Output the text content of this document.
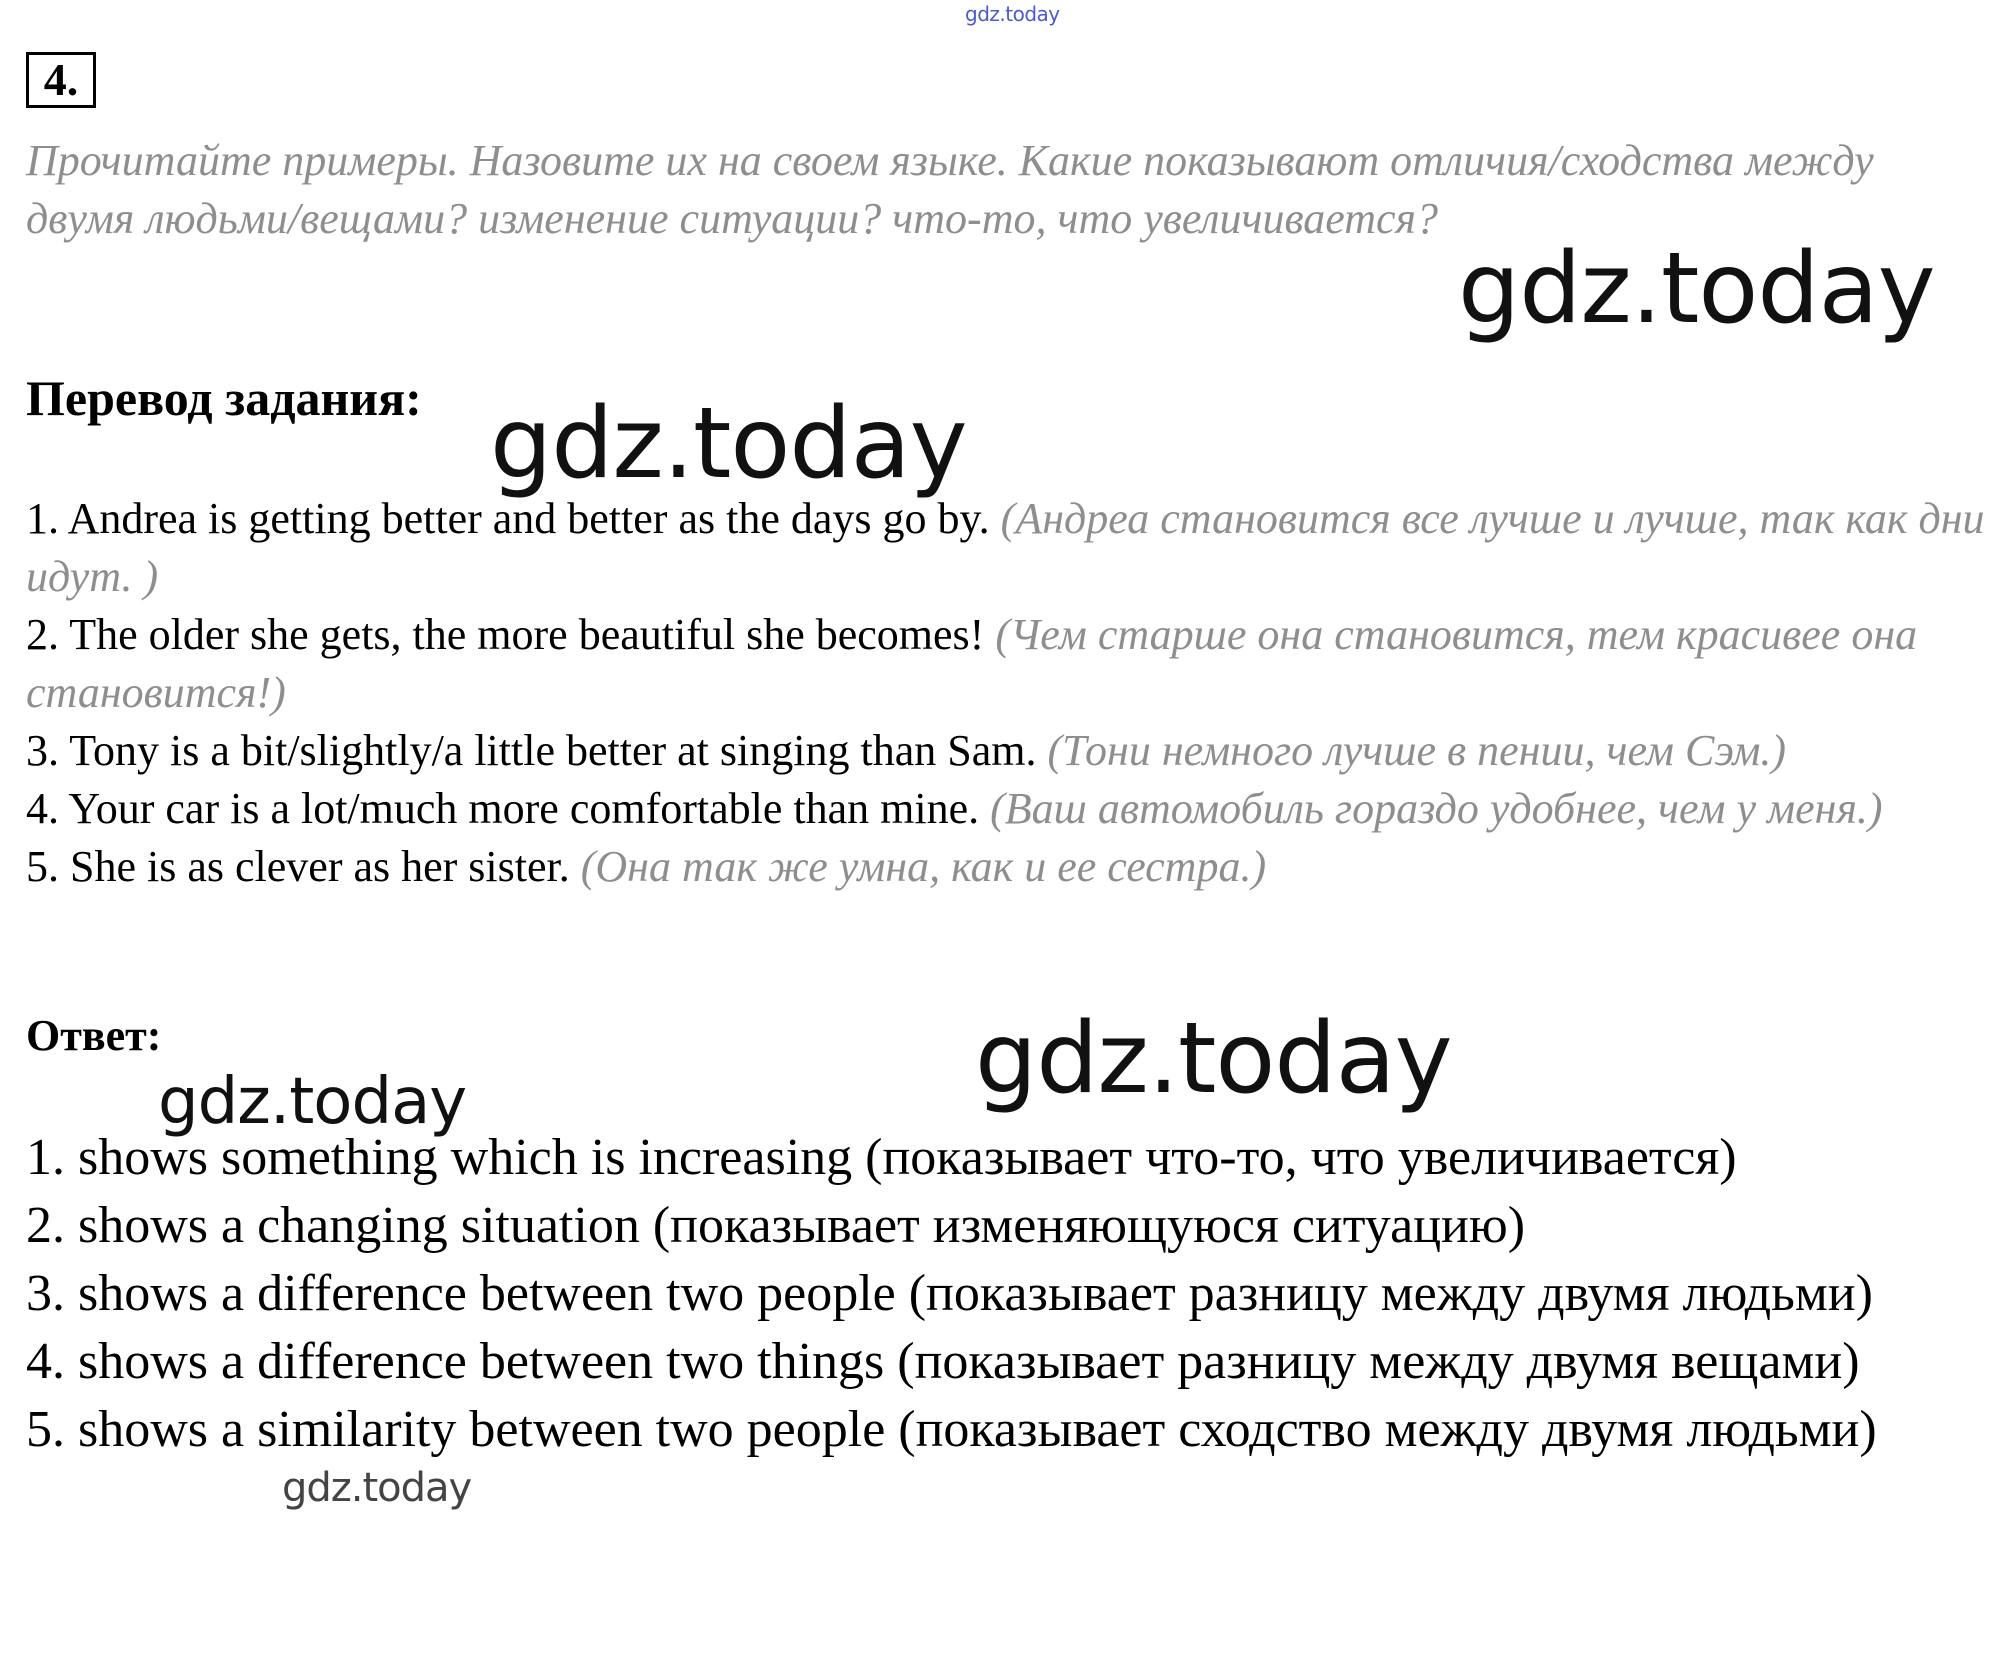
gdz.today
4.

Прочитайте примеры. Назовите их на своем языке. Какие показывают отличия/сходства между двумя людьми/вещами? изменение ситуации? что-то, что увеличивается?

Перевод задания:

1. Andrea is getting better and better as the days go by. (Андреа становится все лучше и лучше, так как дни идут. )
2. The older she gets, the more beautiful she becomes! (Чем старше она становится, тем красивее она становится!)
3. Tony is a bit/slightly/a little better at singing than Sam. (Тони немного лучше в пении, чем Сэм.)
4. Your car is a lot/much more comfortable than mine. (Ваш автомобиль гораздо удобнее, чем у меня.)
5. She is as clever as her sister. (Она так же умна, как и ее сестра.)

Ответ:

1. shows something which is increasing (показывает что-то, что увеличивается)
2. shows a changing situation (показывает изменяющуюся ситуацию)
3. shows a difference between two people (показывает разницу между двумя людьми)
4. shows a difference between two things (показывает разницу между двумя вещами)
5. shows a similarity between two people (показывает сходство между двумя людьми)
gdz.today
gdz.today
gdz.today
gdz.today
gdz.today
